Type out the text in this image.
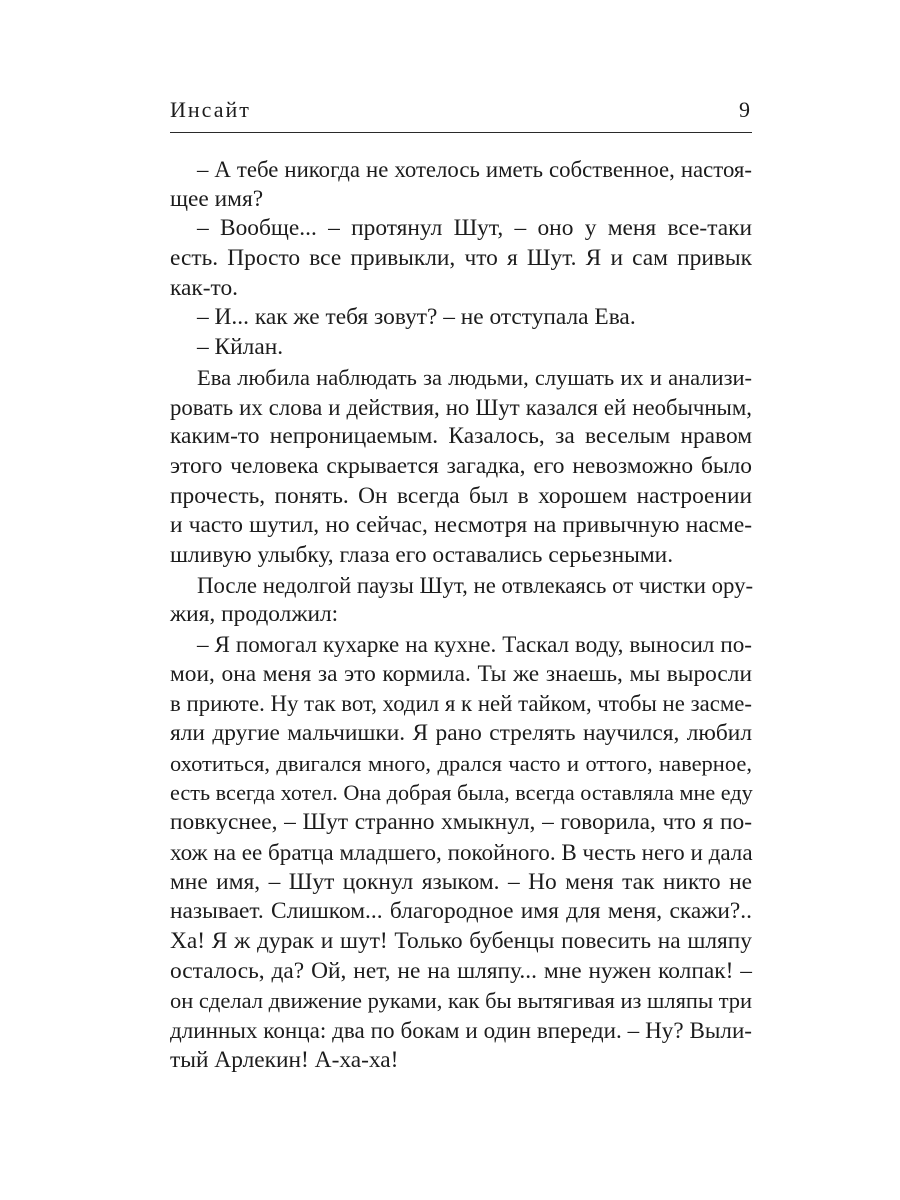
Инсайт	9
– А тебе никогда не хотелось иметь собственное, настоя-
щее имя?
– Вообще... – протянул Шут, – оно у меня все-таки
есть. Просто все привыкли, что я Шут. Я и сам привык
как-то.
– И... как же тебя зовут? – не отступала Ева.
– Кйлан.
Ева любила наблюдать за людьми, слушать их и анализи-
ровать их слова и действия, но Шут казался ей необычным,
каким-то непроницаемым. Казалось, за веселым нравом
этого человека скрывается загадка, его невозможно было
прочесть, понять. Он всегда был в хорошем настроении
и часто шутил, но сейчас, несмотря на привычную насме-
шливую улыбку, глаза его оставались серьезными.
После недолгой паузы Шут, не отвлекаясь от чистки ору-
жия, продолжил:
– Я помогал кухарке на кухне. Таскал воду, выносил по-
мои, она меня за это кормила. Ты же знаешь, мы выросли
в приюте. Ну так вот, ходил я к ней тайком, чтобы не засме-
яли другие мальчишки. Я рано стрелять научился, любил
охотиться, двигался много, дрался часто и оттого, наверное,
есть всегда хотел. Она добрая была, всегда оставляла мне еду
повкуснее, – Шут странно хмыкнул, – говорила, что я по-
хож на ее братца младшего, покойного. В честь него и дала
мне имя, – Шут цокнул языком. – Но меня так никто не
называет. Слишком... благородное имя для меня, скажи?..
Ха! Я ж дурак и шут! Только бубенцы повесить на шляпу
осталось, да? Ой, нет, не на шляпу... мне нужен колпак! –
он сделал движение руками, как бы вытягивая из шляпы три
длинных конца: два по бокам и один впереди. – Ну? Выли-
тый Арлекин! А-ха-ха!
